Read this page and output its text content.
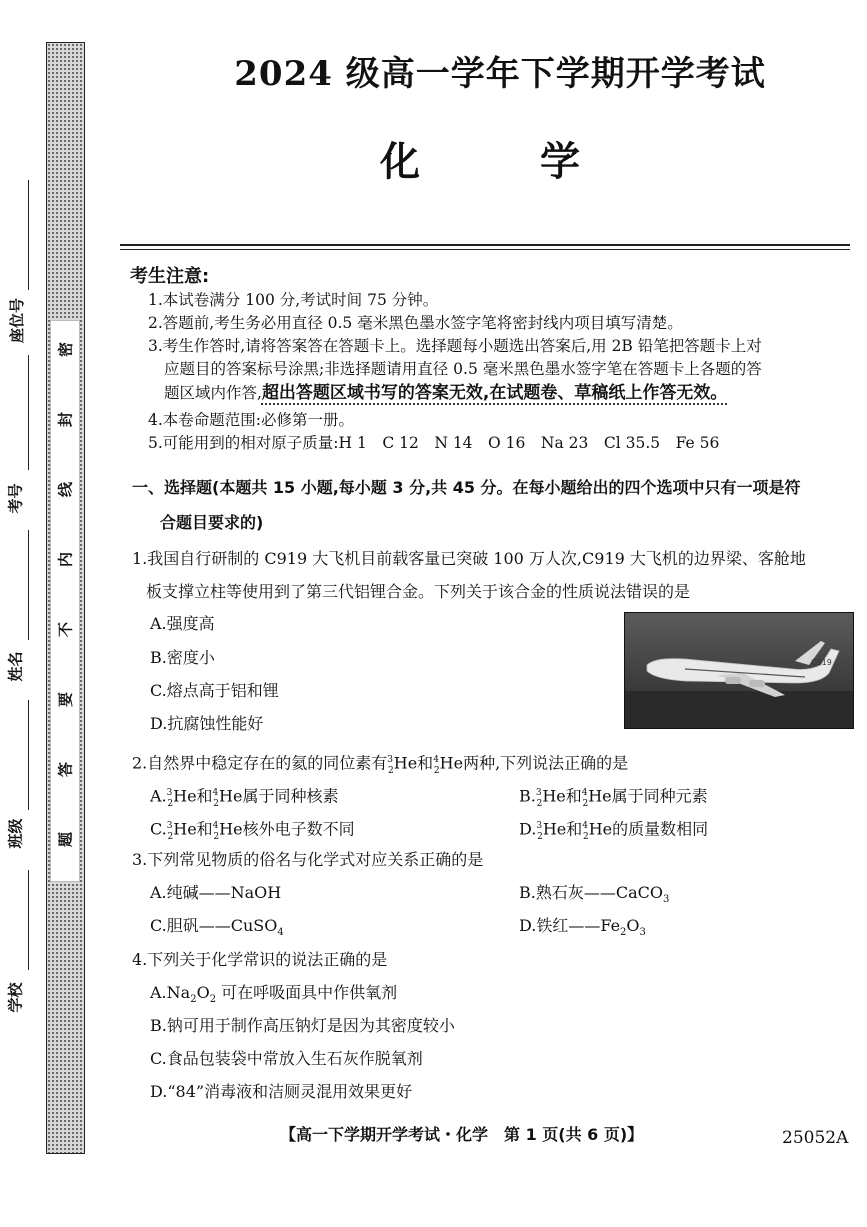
密
封
线
内
不
要
答
题
座位号
考号
姓名
班级
学校
2024 级高一学年下学期开学考试
化　学
考生注意:
1.本试卷满分 100 分,考试时间 75 分钟。
2.答题前,考生务必用直径 0.5 毫米黑色墨水签字笔将密封线内项目填写清楚。
3.考生作答时,请将答案答在答题卡上。选择题每小题选出答案后,用 2B 铅笔把答题卡上对
应题目的答案标号涂黑;非选择题请用直径 0.5 毫米黑色墨水签字笔在答题卡上各题的答
题区域内作答,超出答题区域书写的答案无效,在试题卷、草稿纸上作答无效。
4.本卷命题范围:必修第一册。
5.可能用到的相对原子质量:H 1　C 12　N 14　O 16　Na 23　Cl 35.5　Fe 56
一、选择题(本题共 15 小题,每小题 3 分,共 45 分。在每小题给出的四个选项中只有一项是符
合题目要求的)
1.我国自行研制的 C919 大飞机目前载客量已突破 100 万人次,C919 大飞机的边界梁、客舱地
板支撑立柱等使用到了第三代铝锂合金。下列关于该合金的性质说法错误的是
A.强度高
B.密度小
C.熔点高于铝和锂
D.抗腐蚀性能好
C919
2.自然界中稳定存在的氦的同位素有$^3_2$He和$^4_2$He两种,下列说法正确的是
A.$^3_2$He和$^4_2$He属于同种核素	B.$^3_2$He和$^4_2$He属于同种元素
C.$^3_2$He和$^4_2$He核外电子数不同	D.$^3_2$He和$^4_2$He的质量数相同
3.下列常见物质的俗名与化学式对应关系正确的是
A.纯碱——NaOH	B.熟石灰——CaCO$_3$
C.胆矾——CuSO$_4$	D.铁红$——Fe_2O_3$
4.下列关于化学常识的说法正确的是
$A.Na_2O_2$ 可在呼吸面具中作供氧剂
B.钠可用于制作高压钠灯是因为其密度较小
C.食品包装袋中常放入生石灰作脱氧剂
D.“84”消毒液和洁厕灵混用效果更好
【高一下学期开学考试・化学　第 1 页(共 6 页)】	25052A
